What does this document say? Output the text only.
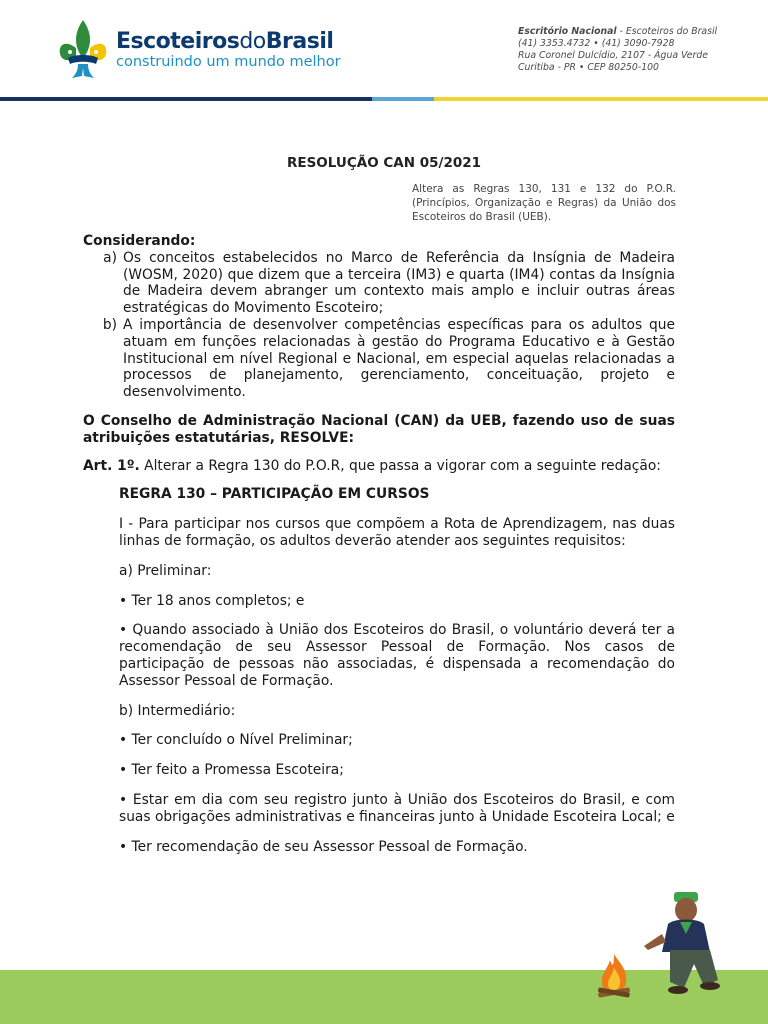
EscoteirosdoBrasil
construindo um mundo melhor
Escritório Nacional - Escoteiros do Brasil
(41) 3353.4732 • (41) 3090-7928
Rua Coronel Dulcídio, 2107 - Água Verde
Curitiba - PR • CEP 80250-100
RESOLUÇÃO CAN 05/2021
Altera as Regras 130, 131 e 132 do P.O.R. (Princípios, Organização e Regras) da União dos Escoteiros do Brasil (UEB).

Considerando:

a) Os conceitos estabelecidos no Marco de Referência da Insígnia de Madeira (WOSM, 2020) que dizem que a terceira (IM3) e quarta (IM4) contas da Insígnia de Madeira devem abranger um contexto mais amplo e incluir outras áreas estratégicas do Movimento Escoteiro;
b) A importância de desenvolver competências específicas para os adultos que atuam em funções relacionadas à gestão do Programa Educativo e à Gestão Institucional em nível Regional e Nacional, em especial aquelas relacionadas a processos de planejamento, gerenciamento, conceituação, projeto e desenvolvimento.

O Conselho de Administração Nacional (CAN) da UEB, fazendo uso de suas atribuições estatutárias, RESOLVE:

Art. 1º. Alterar a Regra 130 do P.O.R, que passa a vigorar com a seguinte redação:

REGRA 130 – PARTICIPAÇÃO EM CURSOS

I - Para participar nos cursos que compõem a Rota de Aprendizagem, nas duas linhas de formação, os adultos deverão atender aos seguintes requisitos:

a) Preliminar:

• Ter 18 anos completos; e

• Quando associado à União dos Escoteiros do Brasil, o voluntário deverá ter a recomendação de seu Assessor Pessoal de Formação. Nos casos de participação de pessoas não associadas, é dispensada a recomendação do Assessor Pessoal de Formação.

b) Intermediário:

• Ter concluído o Nível Preliminar;

• Ter feito a Promessa Escoteira;

• Estar em dia com seu registro junto à União dos Escoteiros do Brasil, e com suas obrigações administrativas e financeiras junto à Unidade Escoteira Local; e

• Ter recomendação de seu Assessor Pessoal de Formação.
